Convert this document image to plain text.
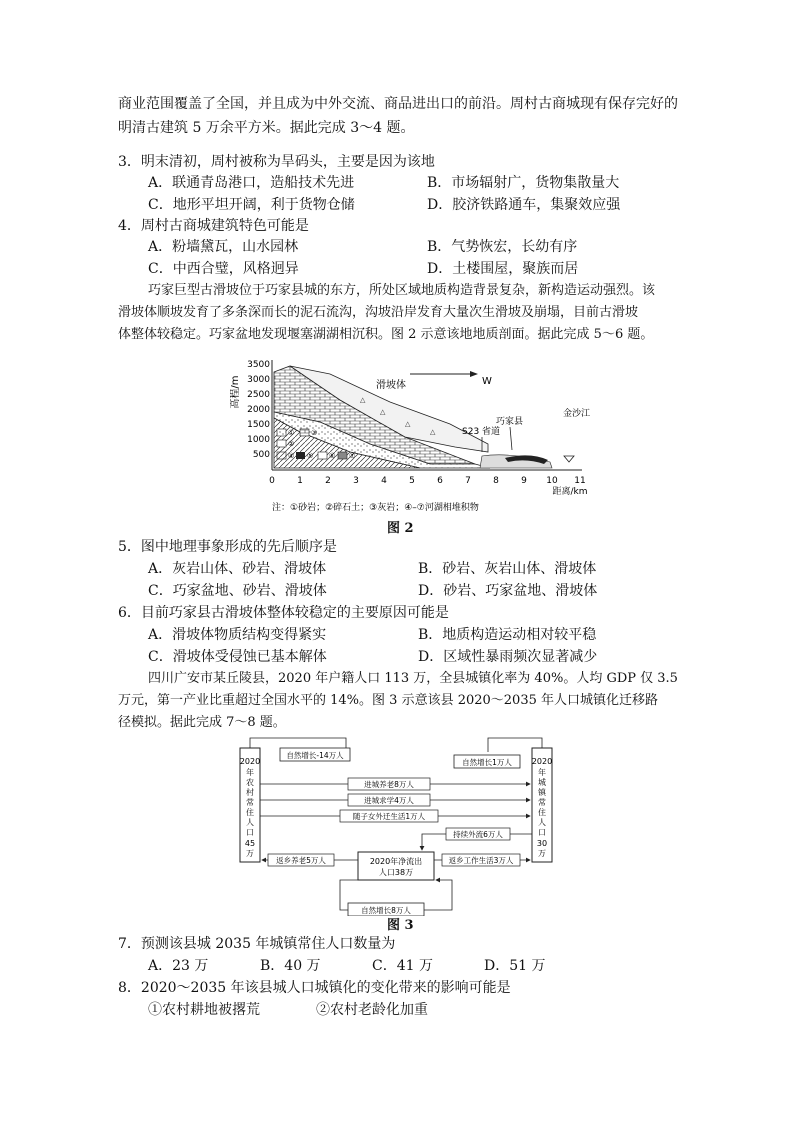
商业范围覆盖了全国，并且成为中外交流、商品进出口的前沿。周村古商城现有保存完好的
明清古建筑 5 万余平方米。据此完成 3～4 题。
3．明末清初，周村被称为旱码头，主要是因为该地
A．联通青岛港口，造船技术先进	B．市场辐射广，货物集散量大
C．地形平坦开阔，利于货物仓储	D．胶济铁路通车，集聚效应强
4．周村古商城建筑特色可能是
A．粉墙黛瓦，山水园林	B．气势恢宏，长幼有序
C．中西合璧，风格迥异	D．土楼围屋，聚族而居
巧家巨型古滑坡位于巧家县城的东方，所处区域地质构造背景复杂，新构造运动强烈。该
滑坡体顺坡发育了多条深而长的泥石流沟，沟坡沿岸发育大量次生滑坡及崩塌，目前古滑坡
体整体较稳定。巧家盆地发现堰塞湖湖相沉积。图 2 示意该地地质剖面。据此完成 5～6 题。
高程/m
3500
3000
2500
2000
1500
1000
500
0 1 2 3 4 5 6 7 8 9 10 11
距离/km
△
△
△
△
W
滑坡体
S23 省道
巧家县
金沙江
① ③
②
④ ⑤ ⑥ ⑦
注：①砂岩；②碎石土；③灰岩；④–⑦河湖相堆积物
图 2
5．图中地理事象形成的先后顺序是
A．灰岩山体、砂岩、滑坡体	B．砂岩、灰岩山体、滑坡体
C．巧家盆地、砂岩、滑坡体	D．砂岩、巧家盆地、滑坡体
6．目前巧家县古滑坡体整体较稳定的主要原因可能是
A．滑坡体物质结构变得紧实	B．地质构造运动相对较平稳
C．滑坡体受侵蚀已基本解体	D．区域性暴雨频次显著减少
四川广安市某丘陵县，2020 年户籍人口 113 万，全县城镇化率为 40%。人均 GDP 仅 3.5
万元，第一产业比重超过全国水平的 14%。图 3 示意该县 2020～2035 年人口城镇化迁移路
径模拟。据此完成 7～8 题。
2020 年农村常住人口 45 万
2020 年城镇常住人口 30 万
2020年净流出
人口38万
自然增长-14万人
自然增长1万人
进城养老8万人
进城求学4万人
随子女外迁生活1万人
持续外流6万人
返乡养老5万人	返乡工作生活3万人
自然增长8万人
图 3
7．预测该县城 2035 年城镇常住人口数量为
A．23 万	B．40 万	C．41 万	D．51 万
8．2020～2035 年该县城人口城镇化的变化带来的影响可能是
①农村耕地被撂荒	②农村老龄化加重
